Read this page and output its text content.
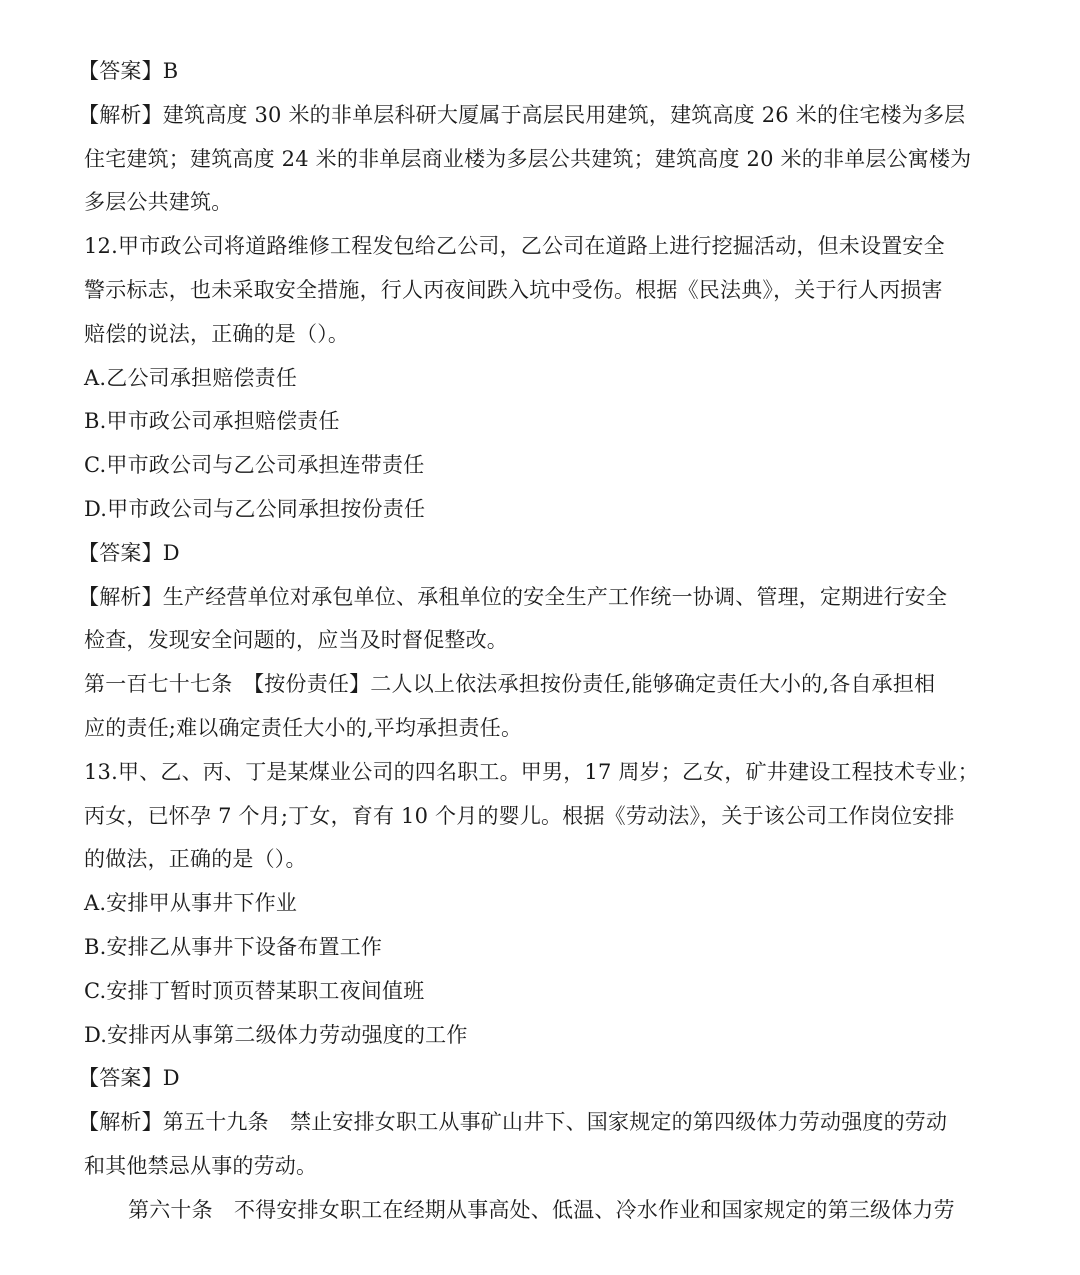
【答案】B
【解析】建筑高度 30 米的非单层科研大厦属于高层民用建筑，建筑高度 26 米的住宅楼为多层
住宅建筑；建筑高度 24 米的非单层商业楼为多层公共建筑；建筑高度 20 米的非单层公寓楼为
多层公共建筑。
12.甲市政公司将道路维修工程发包给乙公司，乙公司在道路上进行挖掘活动，但未设置安全
警示标志，也未采取安全措施，行人丙夜间跌入坑中受伤。根据《民法典》，关于行人丙损害
赔偿的说法，正确的是（）。
A.乙公司承担赔偿责任
B.甲市政公司承担赔偿责任
C.甲市政公司与乙公司承担连带责任
D.甲市政公司与乙公同承担按份责任
【答案】D
【解析】生产经营单位对承包单位、承租单位的安全生产工作统一协调、管理，定期进行安全
检查，发现安全问题的，应当及时督促整改。
第一百七十七条　【按份责任】二人以上依法承担按份责任,能够确定责任大小的,各自承担相
应的责任;难以确定责任大小的,平均承担责任。
13.甲、乙、丙、丁是某煤业公司的四名职工。甲男，17 周岁；乙女，矿井建设工程技术专业；
丙女，已怀孕 7 个月;丁女，育有 10 个月的婴儿。根据《劳动法》，关于该公司工作岗位安排
的做法，正确的是（）。
A.安排甲从事井下作业
B.安排乙从事井下设备布置工作
C.安排丁暂时顶页替某职工夜间值班
D.安排丙从事第二级体力劳动强度的工作
【答案】D
【解析】第五十九条　禁止安排女职工从事矿山井下、国家规定的第四级体力劳动强度的劳动
和其他禁忌从事的劳动。
第六十条　不得安排女职工在经期从事高处、低温、冷水作业和国家规定的第三级体力劳
